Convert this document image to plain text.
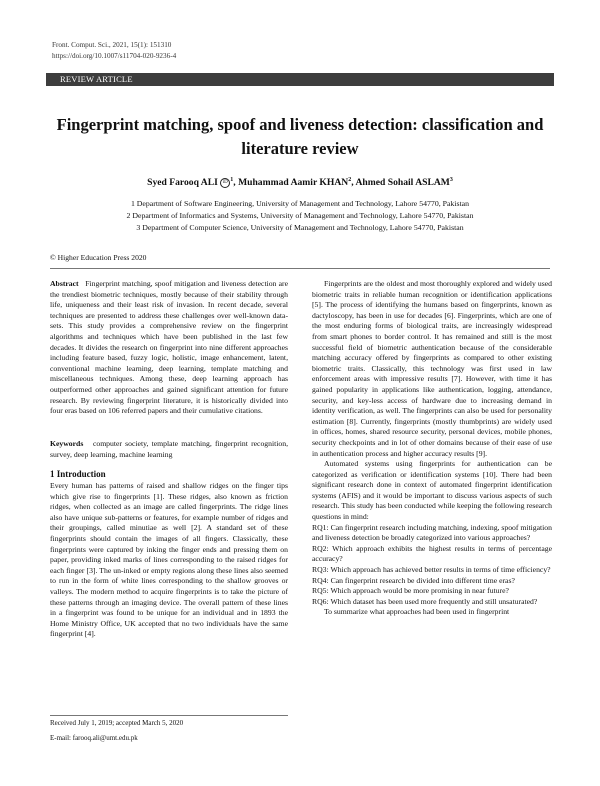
Front. Comput. Sci., 2021, 15(1): 151310
https://doi.org/10.1007/s11704-020-9236-4
REVIEW ARTICLE
Fingerprint matching, spoof and liveness detection: classification and literature review
Syed Farooq ALI iD $^1$, Muhammad Aamir KHAN$^2$, Ahmed Sohail ASLAM$^3$
1 Department of Software Engineering, University of Management and Technology, Lahore 54770, Pakistan
2 Department of Informatics and Systems, University of Management and Technology, Lahore 54770, Pakistan
3 Department of Computer Science, University of Management and Technology, Lahore 54770, Pakistan
© Higher Education Press 2020

Abstract Fingerprint matching, spoof mitigation and liveness detection are the trendiest biometric techniques, mostly because of their stability through life, uniqueness and their least risk of invasion. In recent decade, several techniques are presented to address these challenges over well-known data-sets. This study provides a comprehensive review on the fingerprint algorithms and techniques which have been published in the last few decades. It divides the research on fingerprint into nine different approaches including feature based, fuzzy logic, holistic, image enhancement, latent, conventional machine learning, deep learning, template matching and miscellaneous techniques. Among these, deep learning approach has outperformed other approaches and gained significant attention for future research. By reviewing fingerprint literature, it is historically divided into four eras based on 106 referred papers and their cumulative citations.

Keywords computer society, template matching, fingerprint recognition, survey, deep learning, machine learning

1 Introduction
Every human has patterns of raised and shallow ridges on the finger tips which give rise to fingerprints [1]. These ridges, also known as friction ridges, when collected as an image are called fingerprints. The ridge lines also have unique sub-patterns or features, for example number of ridges and their groupings, called minutiae as well [2]. A standard set of these fingerprints should contain the images of all fingers. Classically, these fingerprints were captured by inking the finger ends and pressing them on paper, providing inked marks of lines corresponding to the raised ridges for each finger [3]. The un-inked or empty regions along these lines also seemed to run in the form of white lines corresponding to the shallow grooves or valleys. The modern method to acquire fingerprints is to take the picture of these patterns through an imaging device. The overall pattern of these lines in a fingerprint was found to be unique for an individual and in 1893 the Home Ministry Office, UK accepted that no two individuals have the same fingerprint [4].
Received July 1, 2019; accepted March 5, 2020
E-mail: farooq.ali@umt.edu.pk

Fingerprints are the oldest and most thoroughly explored and widely used biometric traits in reliable human recognition or identification applications [5]. The process of identifying the humans based on fingerprints, known as dactyloscopy, has been in use for decades [6]. Fingerprints, which are one of the most enduring forms of biological traits, are increasingly widespread from smart phones to border control. It has remained and still is the most successful field of biometric authentication because of the considerable matching accuracy offered by fingerprints as compared to other existing biometric traits. Classically, this technology was first used in law enforcement areas with impressive results [7]. However, with time it has gained popularity in applications like authentication, logging, attendance, security, and key-less access of hardware due to increasing demand in identity verification, as well. The fingerprints can also be used for personality estimation [8]. Currently, fingerprints (mostly thumbprints) are widely used in offices, homes, shared resource security, personal devices, mobile phones, security checkpoints and in lot of other domains because of their ease of use in authentication process and higher accuracy results [9].

Automated systems using fingerprints for authentication can be categorized as verification or identification systems [10]. There had been significant research done in context of automated fingerprint identification systems (AFIS) and it would be important to discuss various aspects of such research. This study has been conducted while keeping the following research questions in mind:

RQ1: Can fingerprint research including matching, indexing, spoof mitigation and liveness detection be broadly categorized into various approaches?

RQ2: Which approach exhibits the highest results in terms of percentage accuracy?

RQ3: Which approach has achieved better results in terms of time efficiency?

RQ4: Can fingerprint research be divided into different time eras?

RQ5: Which approach would be more promising in near future?

RQ6: Which dataset has been used more frequently and still unsaturated?

To summarize what approaches had been used in fingerprint
